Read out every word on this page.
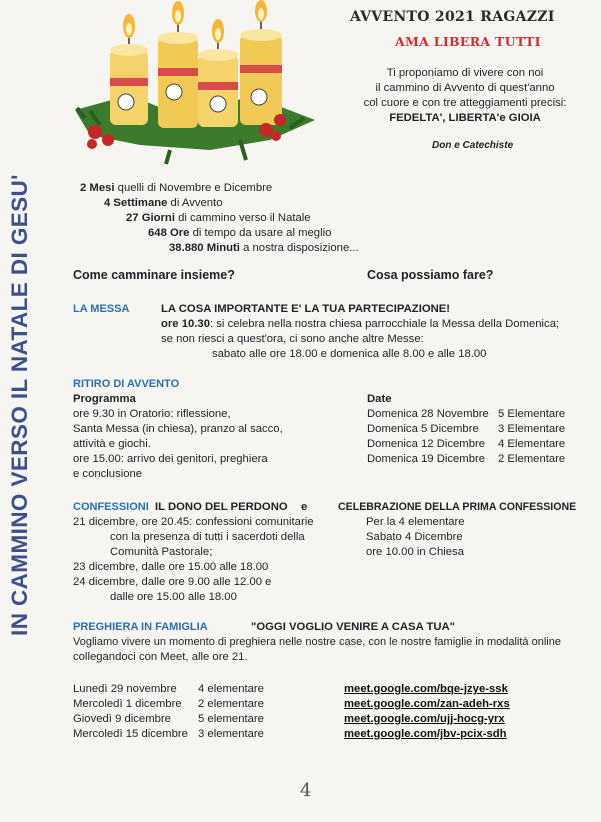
IN CAMMINO VERSO IL NATALE DI GESU'
AVVENTO 2021 RAGAZZI
AMA LIBERA TUTTI
Ti proponiamo di vivere con noi
il cammino di Avvento di quest'anno
col cuore e con tre atteggiamenti precisi:
FEDELTA', LIBERTA'e GIOIA
Don e Catechiste
2 Mesi quelli di Novembre e Dicembre
4 Settimane di Avvento
27 Giorni di cammino verso il Natale
648 Ore di tempo da usare al meglio
38.880 Minuti a nostra disposizione...
Come camminare insieme?	Cosa possiamo fare?
LA MESSA	LA COSA IMPORTANTE E' LA TUA PARTECIPAZIONE!
ore 10.30: si celebra nella nostra chiesa parrocchiale la Messa della Domenica;
se non riesci a quest'ora, ci sono anche altre Messe:
sabato alle ore 18.00 e domenica alle 8.00 e alle 18.00
RITIRO DI AVVENTO
Programma
ore 9.30 in Oratorio: riflessione,
Santa Messa (in chiesa), pranzo al sacco,
attività e giochi.
ore 15.00: arrivo dei genitori, preghiera
e conclusione
Date
Domenica 28 Novembre 5 Elementare
Domenica 5 Dicembre 3 Elementare
Domenica 12 Dicembre 4 Elementare
Domenica 19 Dicembre 2 Elementare
CONFESSIONI IL DONO DEL PERDONO e	CELEBRAZIONE DELLA PRIMA CONFESSIONE
21 dicembre, ore 20.45: confessioni comunitarie
con la presenza di tutti i sacerdoti della
Comunità Pastorale;
23 dicembre, dalle ore 15.00 alle 18.00
24 dicembre, dalle ore 9.00 alle 12.00 e
dalle ore 15.00 alle 18.00
Per la 4 elementare
Sabato 4 Dicembre
ore 10.00 in Chiesa
PREGHIERA IN FAMIGLIA	"OGGI VOGLIO VENIRE A CASA TUA"
Vogliamo vivere un momento di preghiera nelle nostre case, con le nostre famiglie in modalità online
collegandoci con Meet, alle ore 21.
Lunedì 29 novembre 4 elementare	meet.google.com/bqe-jzye-ssk
Mercoledì 1 dicembre 2 elementare	meet.google.com/zan-adeh-rxs
Giovedì 9 dicembre 5 elementare	meet.google.com/ujj-hocg-yrx
Mercoledì 15 dicembre 3 elementare	meet.google.com/jbv-pcix-sdh
4
